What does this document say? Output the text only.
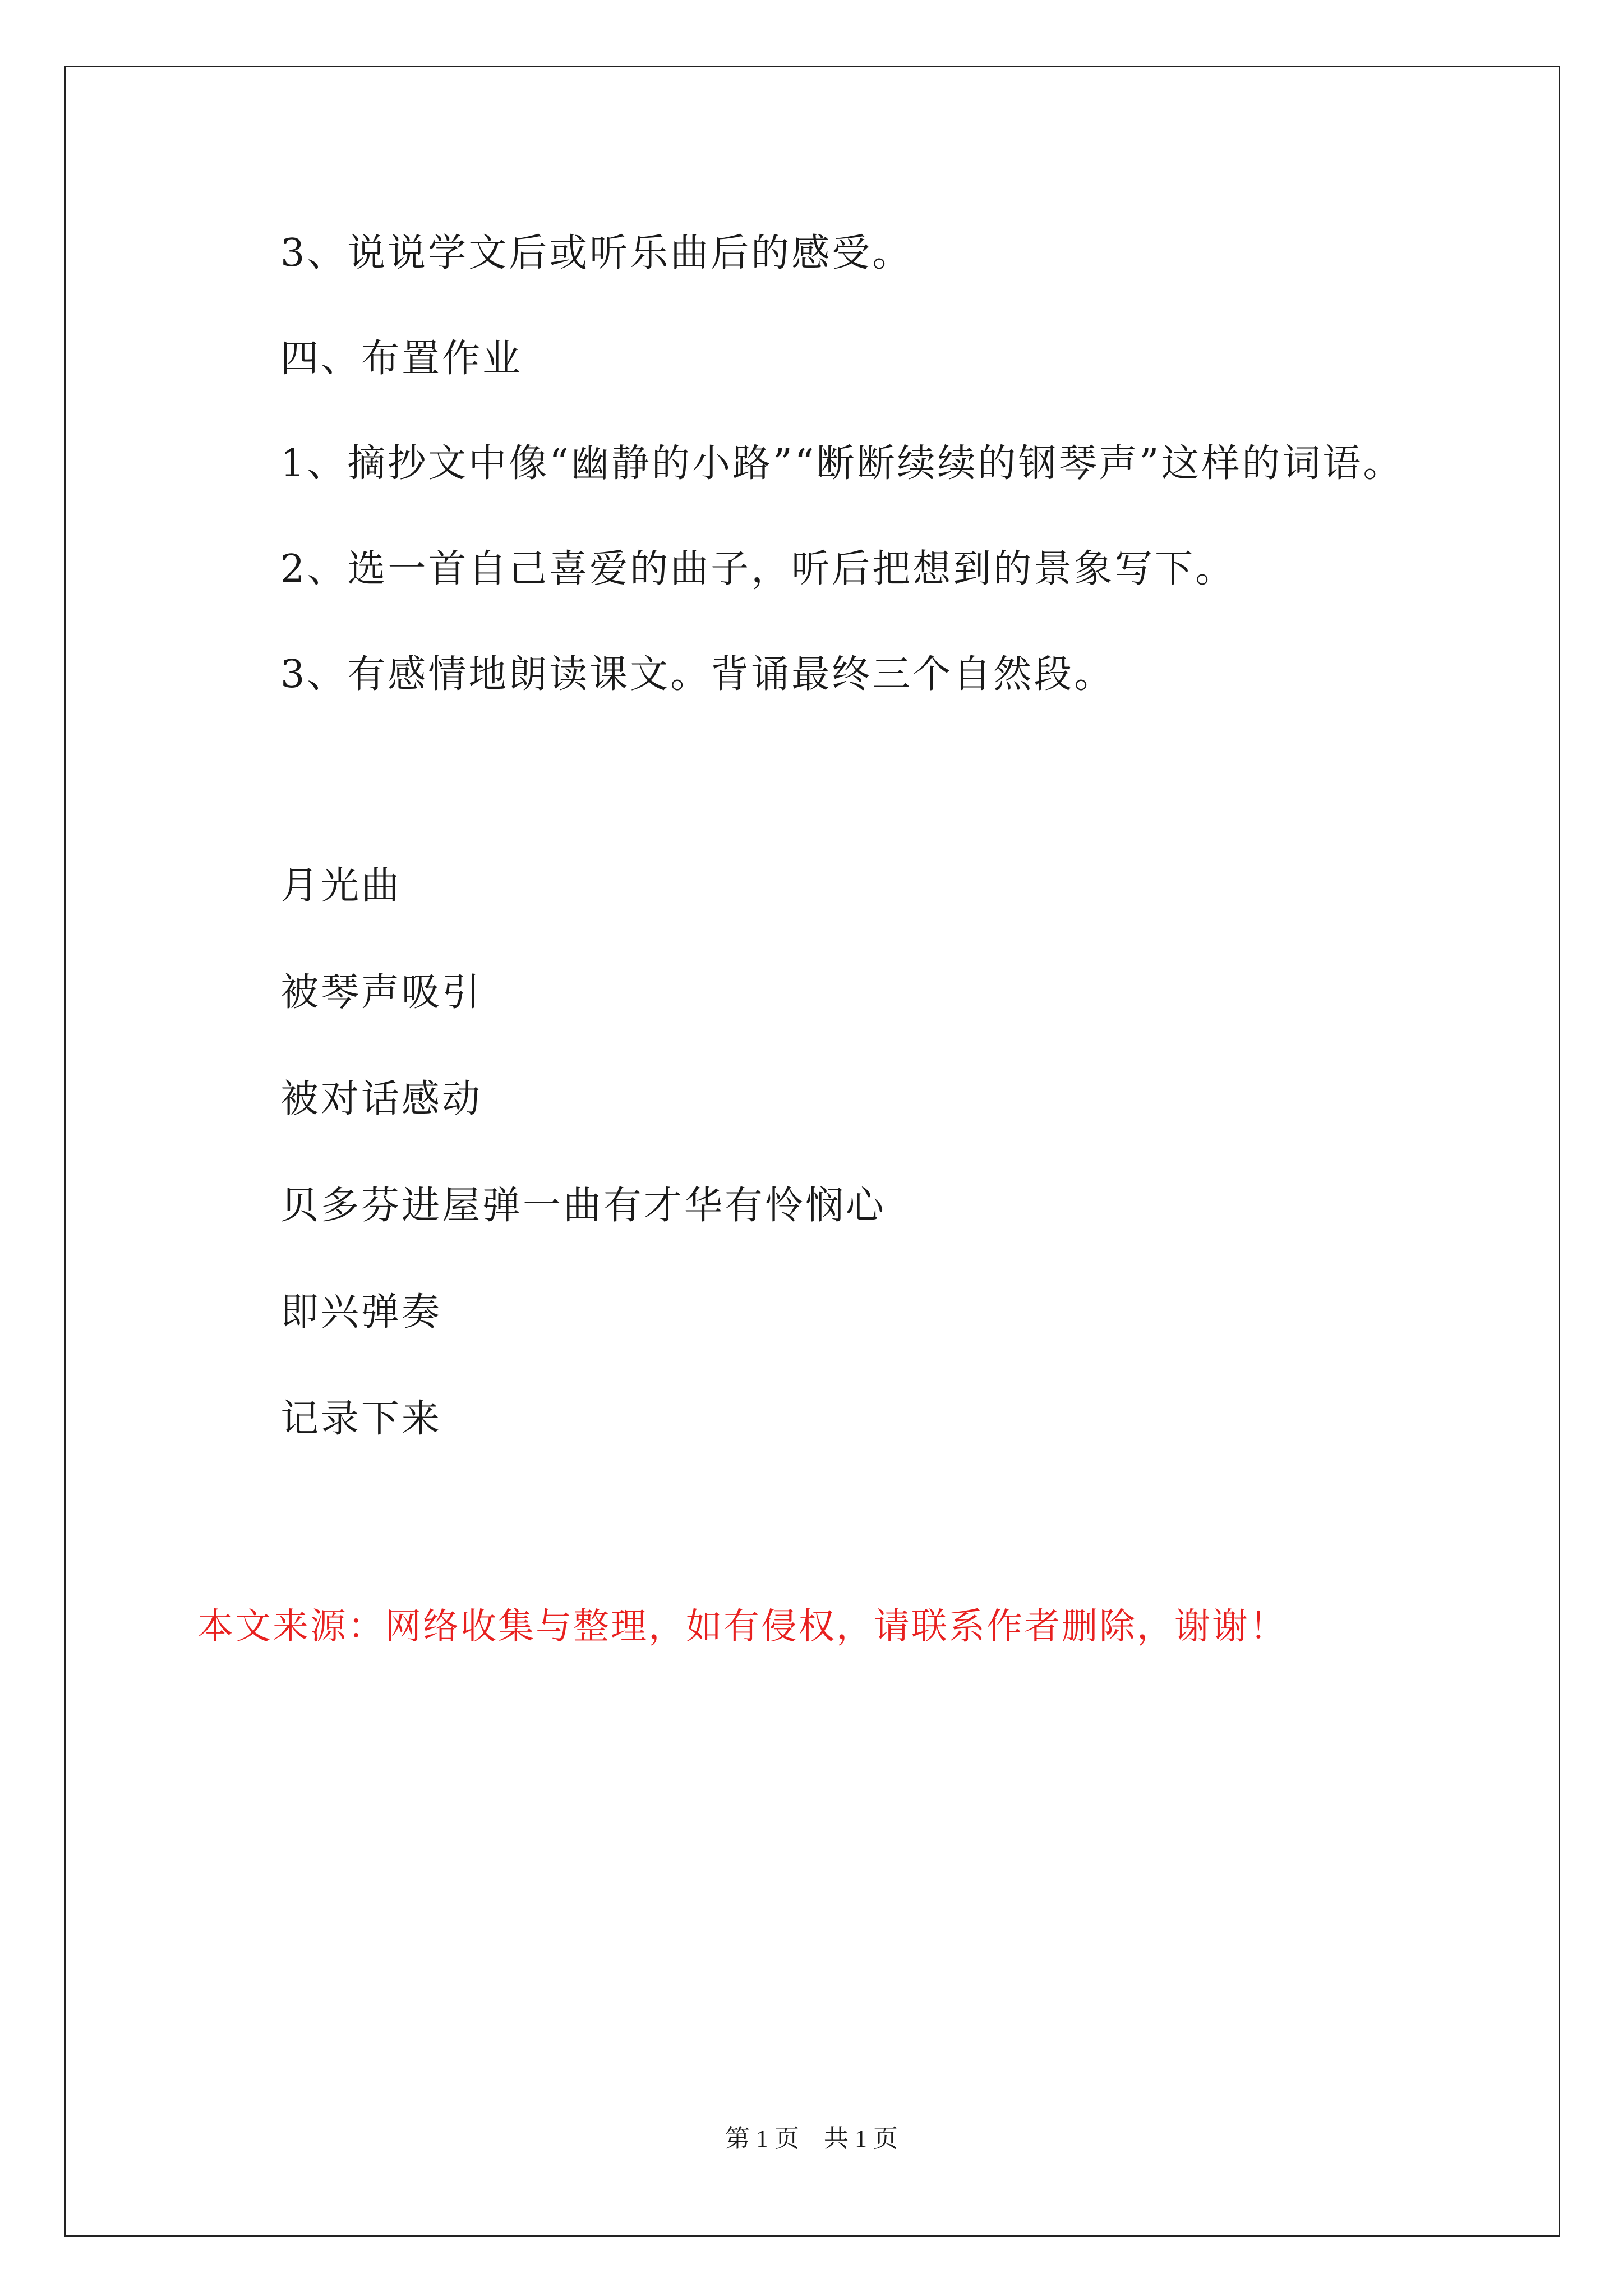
3、说说学文后或听乐曲后的感受。
四、布置作业
1、摘抄文中像“幽静的小路”“断断续续的钢琴声”这样的词语。
2、选一首自己喜爱的曲子，听后把想到的景象写下。
3、有感情地朗读课文。背诵最终三个自然段。
月光曲
被琴声吸引
被对话感动
贝多芬进屋弹一曲有才华有怜悯心
即兴弹奏
记录下来
本文来源：网络收集与整理，如有侵权，请联系作者删除，谢谢！
第 1 页    共 1 页
